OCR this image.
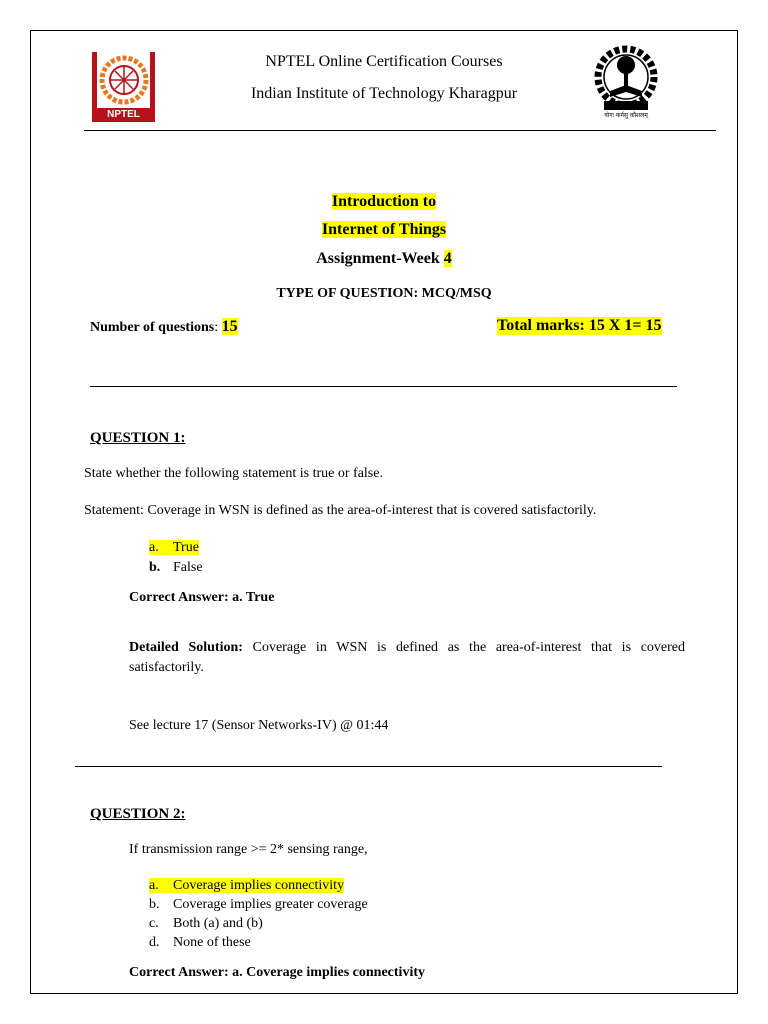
NPTEL
NPTEL Online Certification Courses
Indian Institute of Technology Kharagpur
योगः कर्मसु कौशलम्
Introduction to
Internet of Things
Assignment-Week 4
TYPE OF QUESTION: MCQ/MSQ
Number of questions: 15	Total marks: 15 X 1= 15
QUESTION 1:
State whether the following statement is true or false.
Statement: Coverage in WSN is defined as the area-of-interest that is covered satisfactorily.
a. True
b. False
Correct Answer: a. True
Detailed Solution: Coverage in WSN is defined as the area-of-interest that is covered satisfactorily.
See lecture 17 (Sensor Networks-IV) @ 01:44
QUESTION 2:
If transmission range >= 2* sensing range,
a. Coverage implies connectivity
b. Coverage implies greater coverage
c. Both (a) and (b)
d. None of these
Correct Answer: a. Coverage implies connectivity
